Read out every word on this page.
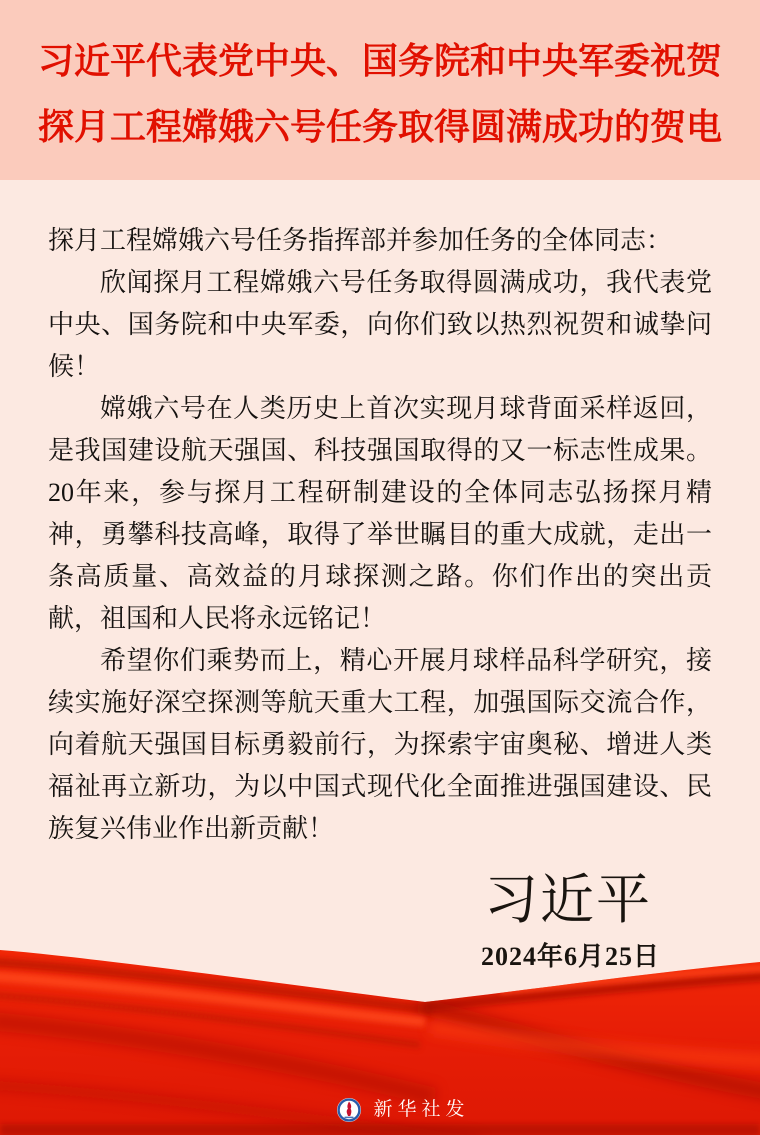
习近平代表党中央、国务院和中央军委祝贺
探月工程嫦娥六号任务取得圆满成功的贺电

探月工程嫦娥六号任务指挥部并参加任务的全体同志：

欣闻探月工程嫦娥六号任务取得圆满成功，我代表党中央、国务院和中央军委，向你们致以热烈祝贺和诚挚问候！

嫦娥六号在人类历史上首次实现月球背面采样返回，是我国建设航天强国、科技强国取得的又一标志性成果。20年来，参与探月工程研制建设的全体同志弘扬探月精神，勇攀科技高峰，取得了举世瞩目的重大成就，走出一条高质量、高效益的月球探测之路。你们作出的突出贡献，祖国和人民将永远铭记！

希望你们乘势而上，精心开展月球样品科学研究，接续实施好深空探测等航天重大工程，加强国际交流合作，向着航天强国目标勇毅前行，为探索宇宙奥秘、增进人类福祉再立新功，为以中国式现代化全面推进强国建设、民族复兴伟业作出新贡献！

习近平
2024年6月25日
新华社发
